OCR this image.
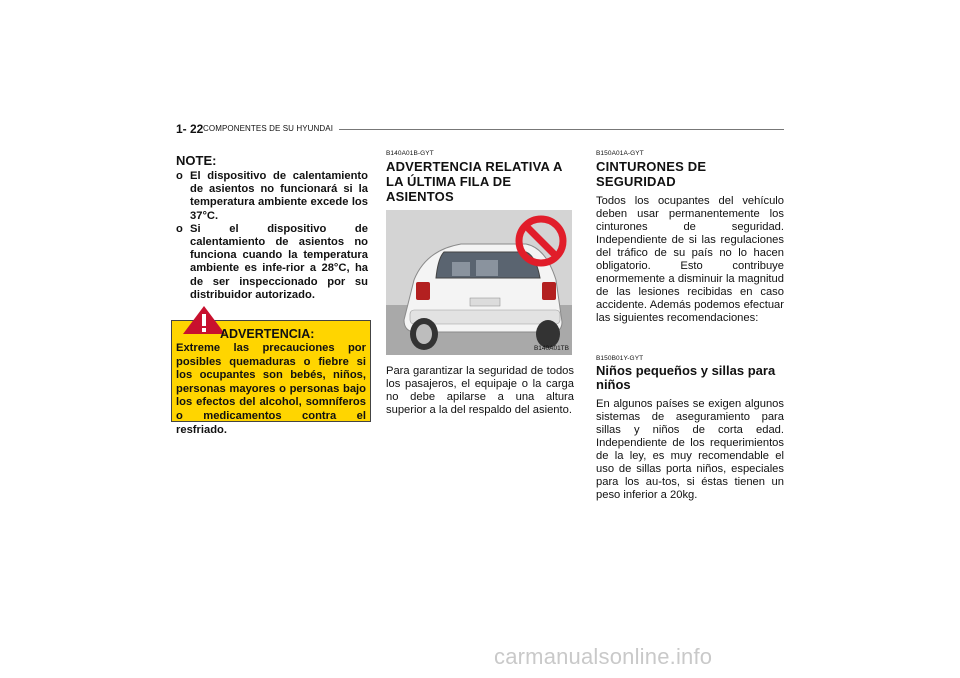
1- 22 COMPONENTES DE SU HYUNDAI
NOTE:
o El dispositivo de calentamiento de asientos no funcionará si la temperatura ambiente excede los 37°C.
o Si el dispositivo de calentamiento de asientos no funciona cuando la temperatura ambiente es infe-rior a 28°C, ha de ser inspeccionado por su distribuidor autorizado.
ADVERTENCIA:
Extreme las precauciones por posibles quemaduras o fiebre si los ocupantes son bebés, niños, personas mayores o personas bajo los efectos del alcohol, somníferos o medicamentos contra el resfriado.
B140A01B-GYT
ADVERTENCIA RELATIVA A LA ÚLTIMA FILA DE ASIENTOS
B140A01TB

Para garantizar la seguridad de todos los pasajeros, el equipaje o la carga no debe apilarse a una altura superior a la del respaldo del asiento.

B150A01A-GYT
CINTURONES DE SEGURIDAD

Todos los ocupantes del vehículo deben usar permanentemente los cinturones de seguridad. Independiente de si las regulaciones del tráfico de su país no lo hacen obligatorio. Esto contribuye enormemente a disminuir la magnitud de las lesiones recibidas en caso accidente. Además podemos efectuar las siguientes recomendaciones:

B150B01Y-GYT
Niños pequeños y sillas para niños

En algunos países se exigen algunos sistemas de aseguramiento para sillas y niños de corta edad. Independiente de los requerimientos de la ley, es muy recomendable el uso de sillas porta niños, especiales para los au-tos, si éstas tienen un peso inferior a 20kg.

carmanualsonline.info
